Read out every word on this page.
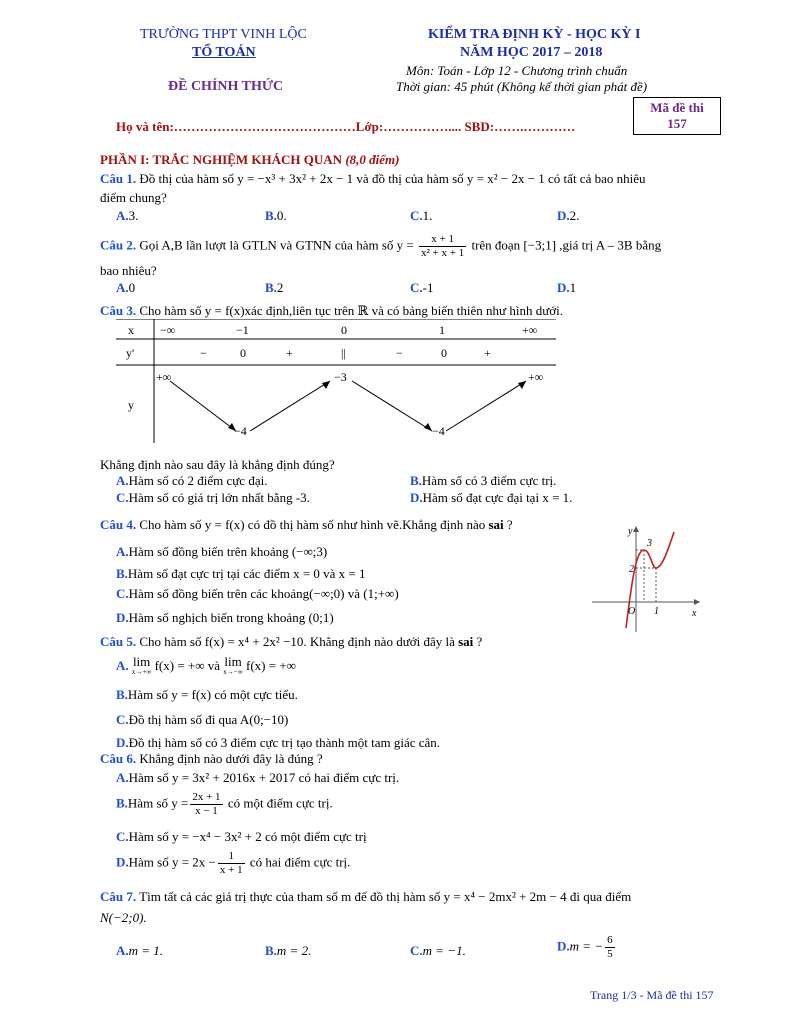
TRƯỜNG THPT VINH LỘC
TỔ TOÁN
ĐỀ CHÍNH THỨC
KIỂM TRA ĐỊNH KỲ - HỌC KỲ I
NĂM HỌC 2017 – 2018
Môn: Toán - Lớp 12 - Chương trình chuẩn
Thời gian: 45 phút (Không kể thời gian phát đề)
Mã đề thi
157
Họ và tên:……………………………………Lớp:…………….... SBD:…….…………
PHẦN I: TRẮC NGHIỆM KHÁCH QUAN (8,0 điểm)
Câu 1. Đồ thị của hàm số y = −x³ + 3x² + 2x − 1 và đồ thị của hàm số y = x² − 2x − 1 có tất cả bao nhiêu
điểm chung?
A.3.	B.0.	C.1.	D.2.
Câu 2. Gọi A,B lần lượt là GTLN và GTNN của hàm số $y = \frac{x + 1}{\text{x² + x + 1}}$ trên đoạn [−3;1] ,giá trị A – 3B bằng
bao nhiêu?
A.0	B.2	C.-1	D.1
Câu 3. Cho hàm số y = f(x)xác định,liên tục trên ℝ và có bảng biến thiên như hình dưới.
x
y'
y
−∞	−1	0	1	+∞
−	0	+	||	−	0	+
+∞
−4
−3
−4
+∞
Khẳng định nào sau đây là khẳng định đúng?
A.Hàm số có 2 điểm cực đại.	B.Hàm số có 3 điểm cực trị.
C.Hàm số có giá trị lớn nhất bằng -3.	D.Hàm số đạt cực đại tại x = 1.
Câu 4. Cho hàm số y = f(x) có đồ thị hàm số như hình vẽ.Khẳng định nào sai ?
A.Hàm số đồng biến trên khoảng (−∞;3)
B.Hàm số đạt cực trị tại các điểm x = 0 và x = 1
C.Hàm số đồng biến trên các khoảng(−∞;0) và (1;+∞)
D.Hàm số nghịch biến trong khoảng (0;1)
y
x
O 1
2
3
Câu 5. Cho hàm số f(x) = x⁴ + 2x² −10. Khẳng định nào dưới đây là sai ?
A. lim
x→+∞ f(x) = +∞ và lim
x→−∞ f(x) = +∞
B.Hàm số y = f(x) có một cực tiểu.
C.Đồ thị hàm số đi qua A(0;−10)
D.Đồ thị hàm số có 3 điểm cực trị tạo thành một tam giác cân.
Câu 6. Khẳng định nào dưới đây là đúng ?
A.Hàm số y = 3x² + 2016x + 2017 có hai điểm cực trị.
B.Hàm số $y = \frac{2x + 1}{x - 1}$ có một điểm cực trị.
C.Hàm số y = −x⁴ − 3x² + 2 có một điểm cực trị
D.Hàm số $y = 2x - \frac{1}{x + 1}$ có hai điểm cực trị.
Câu 7. Tìm tất cả các giá trị thực của tham số m để đồ thị hàm số y = x⁴ − 2mx² + 2m − 4 đi qua điểm
N(−2;0).
A.m = 1.	B.m = 2.	C.m = −1.	D.m = − $\frac{6}{5}$
Trang 1/3 - Mã đề thi 157
